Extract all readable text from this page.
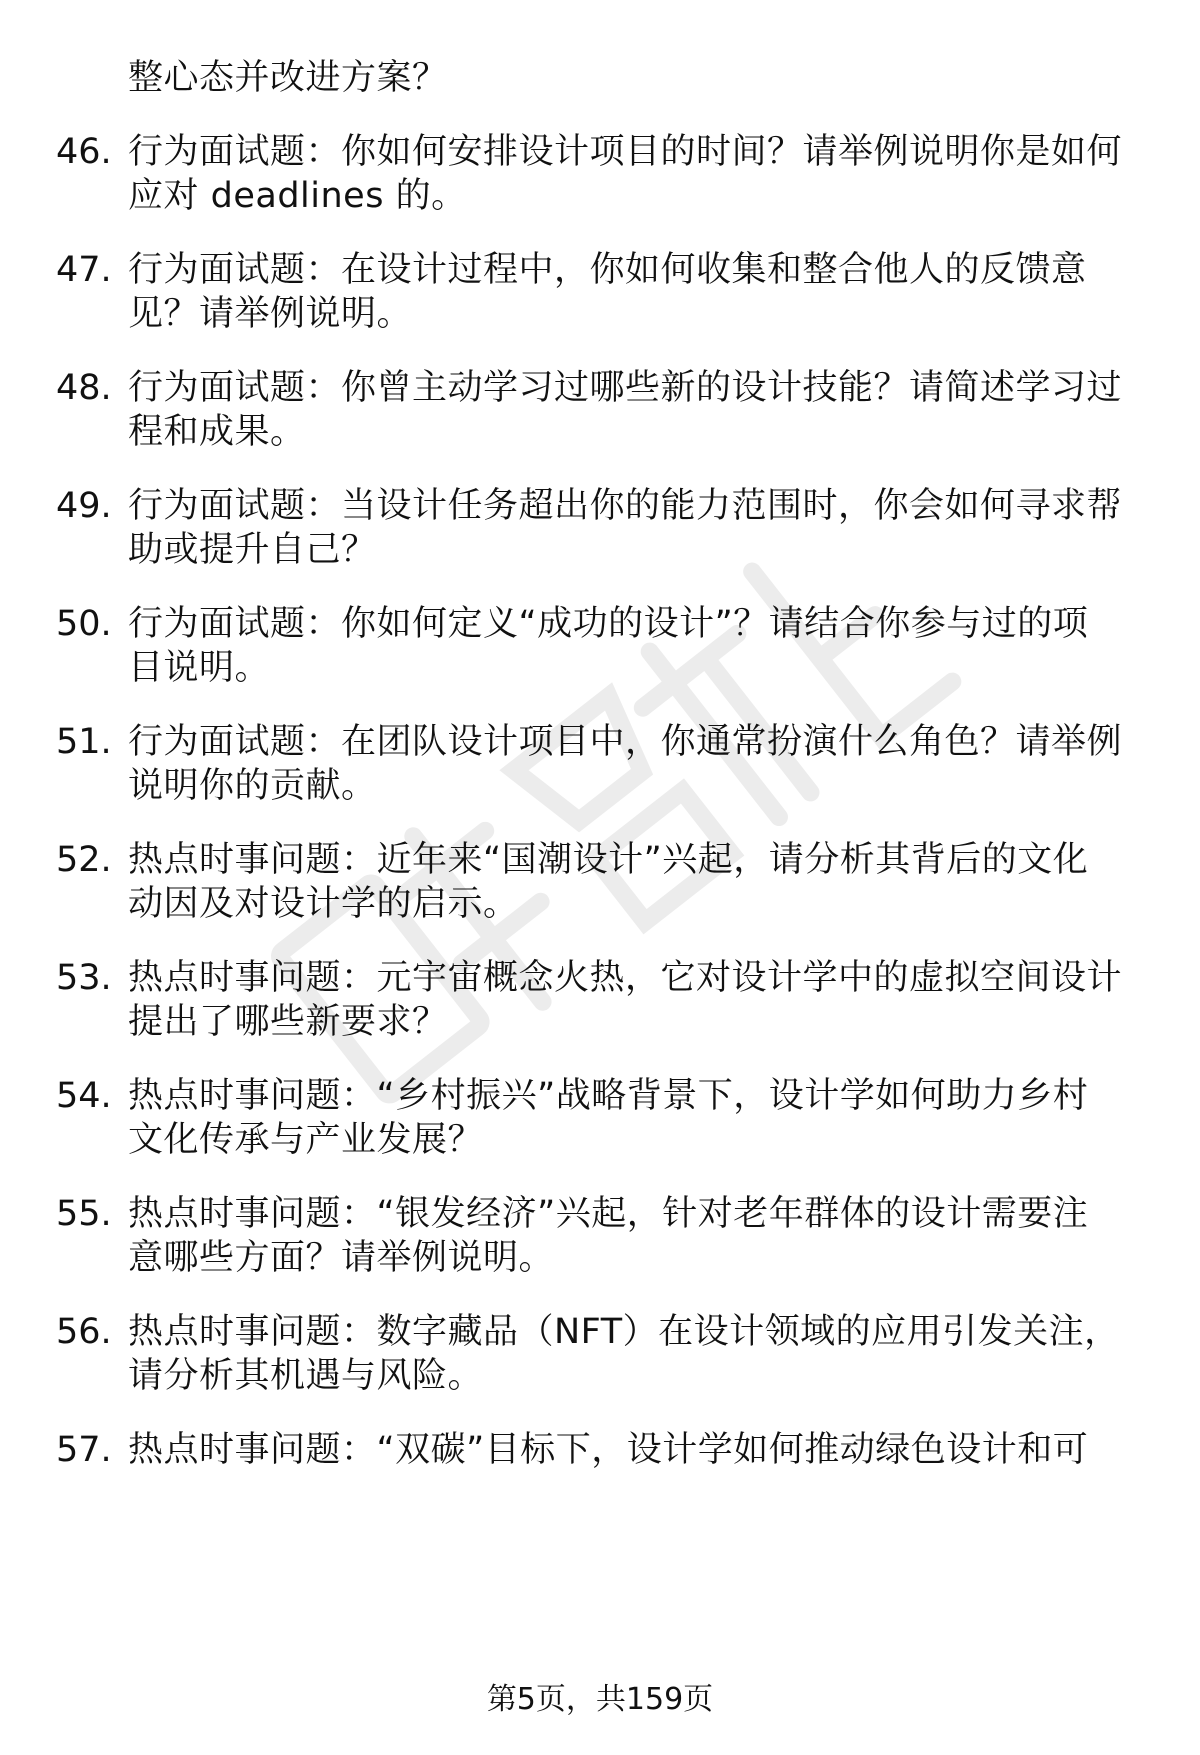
整心态并改进方案？
46. 行为面试题：你如何安排设计项目的时间？请举例说明你是如何
应对 deadlines 的。
47. 行为面试题：在设计过程中，你如何收集和整合他人的反馈意
见？请举例说明。
48. 行为面试题：你曾主动学习过哪些新的设计技能？请简述学习过
程和成果。
49. 行为面试题：当设计任务超出你的能力范围时，你会如何寻求帮
助或提升自己？
50. 行为面试题：你如何定义“成功的设计”？请结合你参与过的项
目说明。
51. 行为面试题：在团队设计项目中，你通常扮演什么角色？请举例
说明你的贡献。
52. 热点时事问题：近年来“国潮设计”兴起，请分析其背后的文化
动因及对设计学的启示。
53. 热点时事问题：元宇宙概念火热，它对设计学中的虚拟空间设计
提出了哪些新要求？
54. 热点时事问题：“乡村振兴”战略背景下，设计学如何助力乡村
文化传承与产业发展？
55. 热点时事问题：“银发经济”兴起，针对老年群体的设计需要注
意哪些方面？请举例说明。
56. 热点时事问题：数字藏品（NFT）在设计领域的应用引发关注，
请分析其机遇与风险。
57. 热点时事问题：“双碳”目标下，设计学如何推动绿色设计和可
第5页，共159页
